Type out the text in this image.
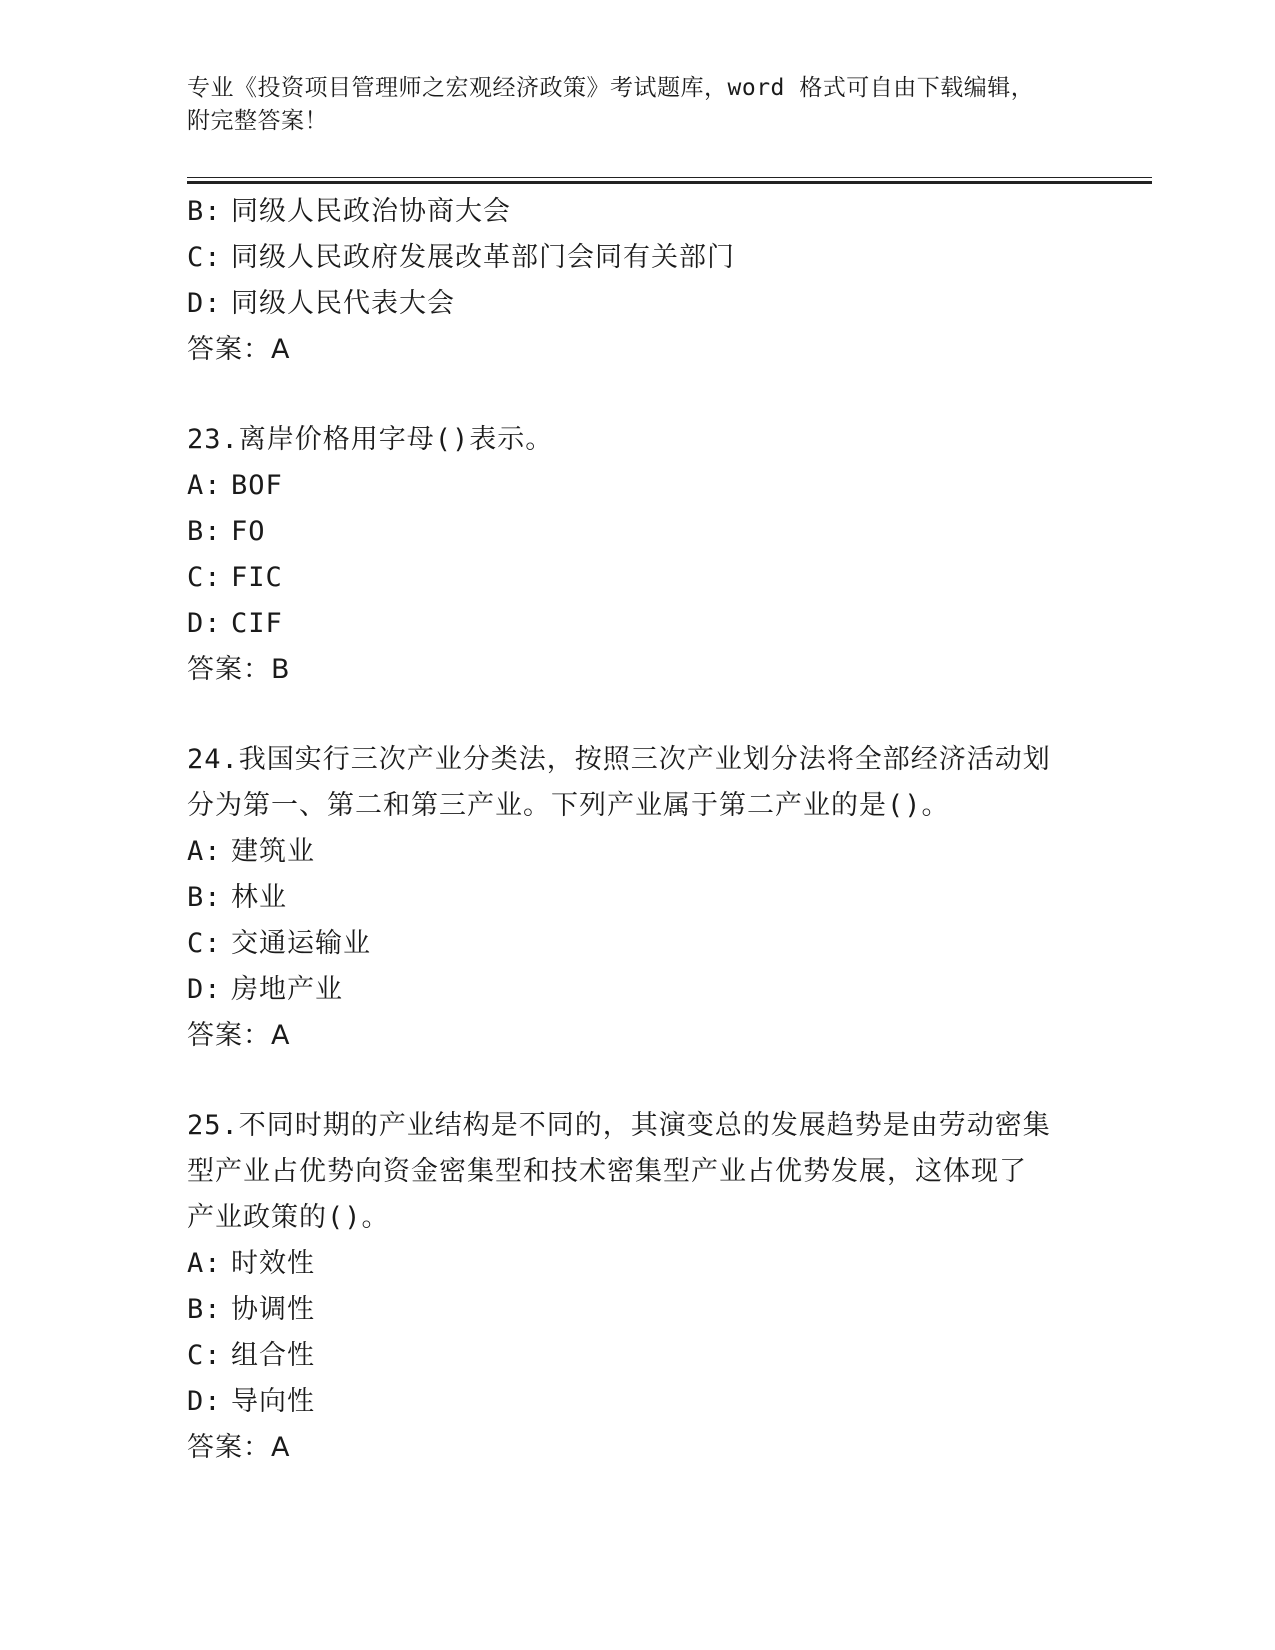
专业《投资项目管理师之宏观经济政策》考试题库，word 格式可自由下载编辑，
附完整答案！
B: 同级人民政治协商大会
C: 同级人民政府发展改革部门会同有关部门
D: 同级人民代表大会
答案：A
23.离岸价格用字母()表示。
A: BOF
B: FO
C: FIC
D: CIF
答案：B
24.我国实行三次产业分类法，按照三次产业划分法将全部经济活动划
分为第一、第二和第三产业。下列产业属于第二产业的是()。
A: 建筑业
B: 林业
C: 交通运输业
D: 房地产业
答案：A
25.不同时期的产业结构是不同的，其演变总的发展趋势是由劳动密集
型产业占优势向资金密集型和技术密集型产业占优势发展，这体现了
产业政策的()。
A: 时效性
B: 协调性
C: 组合性
D: 导向性
答案：A
